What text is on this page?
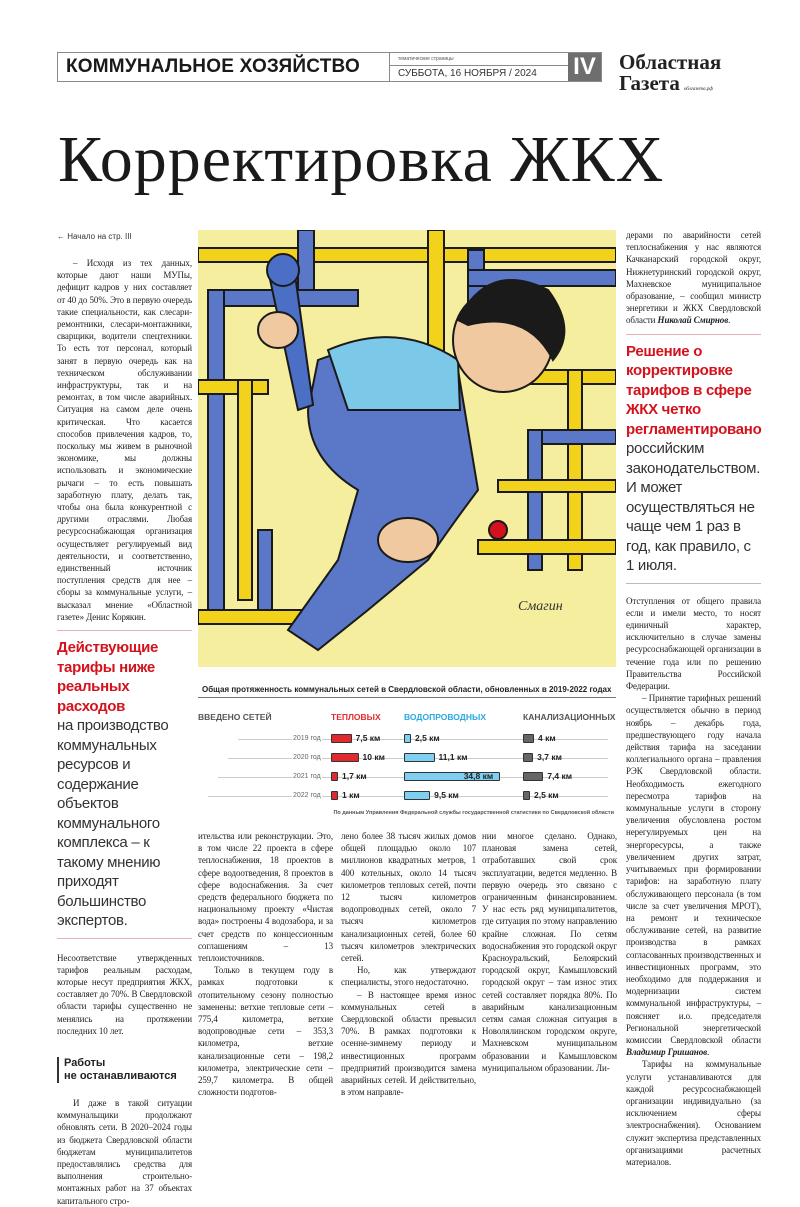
КОММУНАЛЬНОЕ ХОЗЯЙСТВО	тематические страницы
СУББОТА, 16 НОЯБРЯ / 2024	IV Областная
Газета облгазета.рф
Корректировка ЖКХ
← Начало на стр. III

– Исходя из тех данных, которые дают наши МУПы, дефицит кадров у них составляет от 40 до 50%. Это в первую очередь такие специальности, как слесари-ремонтники, слесари-монтажники, сварщики, водители спецтехники. То есть тот персонал, который занят в первую очередь как на техническом обслуживании инфраструктуры, так и на ремонтах, в том числе аварийных. Ситуация на самом деле очень критическая. Что касается способов привлечения кадров, то, поскольку мы живем в рыночной экономике, мы должны использовать и экономические рычаги – то есть повышать заработную плату, делать так, чтобы она была конкурентной с другими отраслями. Любая ресурсоснабжающая организация осуществляет регулируемый вид деятельности, и соответственно, единственный источник поступления средств для нее – сборы за коммунальные услуги, – высказал мнение «Областной газете» Денис Корякин.

Действующие тарифы ниже реальных расходов
на производство коммунальных ресурсов и содержание объектов коммунального комплекса – к такому мнению приходят большинство экспертов.

Несоответствие утвержденных тарифов реальным расходам, которые несут предприятия ЖКХ, составляет до 70%. В Свердловской области тарифы существенно не менялись на протяжении последних 10 лет.

Работы
не останавливаются

И даже в такой ситуации коммунальщики продолжают обновлять сети. В 2020–2024 годы из бюджета Свердловской области бюджетам муниципалитетов предоставлялись средства для выполнения строительно-монтажных работ на 37 объектах капитального стро-

Смагин
Общая протяженность коммунальных сетей в Свердловской области, обновленных в 2019-2022 годах
ВВЕДЕНО СЕТЕЙ
По данным Управления Федеральной службы государственной статистики по Свердловской области
2019 год
2020 год
2021 год
2022 год
ТЕПЛОВЫХ
7,5 км
10 км
1,7 км
1 км
ВОДОПРОВОДНЫХ
2,5 км
11,1 км
34,8 км
9,5 км
КАНАЛИЗАЦИОННЫХ
4 км
3,7 км
7,4 км
2,5 км

ительства или реконструкции. Это, в том числе 22 проекта в сфере теплоснабжения, 18 проектов в сфере водоотведения, 8 проектов в сфере водоснабжения. За счет средств федерального бюджета по национальному проекту «Чистая вода» построены 4 водозабора, и за счет средств по концессионным соглашениям – 13 теплоисточников.

Только в текущем году в рамках подготовки к отопительному сезону полностью заменены: ветхие тепловые сети – 775,4 километра, ветхие водопроводные сети – 353,3 километра, ветхие канализационные сети – 198,2 километра, электрические сети – 259,7 километра. В общей сложности подготов-

лено более 38 тысяч жилых домов общей площадью около 107 миллионов квадратных метров, 1 400 котельных, около 14 тысяч километров тепловых сетей, почти 12 тысяч километров водопроводных сетей, около 7 тысяч километров канализационных сетей, более 60 тысяч километров электрических сетей.

Но, как утверждают специалисты, этого недостаточно.

– В настоящее время износ коммунальных сетей в Свердловской области превысил 70%. В рамках подготовки к осенне-зимнему периоду и инвестиционных программ предприятий производится замена аварийных сетей. И действительно, в этом направле-

нии многое сделано. Однако, плановая замена сетей, отработавших свой срок эксплуатации, ведется медленно. В первую очередь это связано с ограниченным финансированием. У нас есть ряд муниципалитетов, где ситуация по этому направлению крайне сложная. По сетям водоснабжения это городской округ Красноуральский, Белоярский городской округ, Камышловский городской округ – там износ этих сетей составляет порядка 80%. По аварийным канализационным сетям самая сложная ситуация в Новолялинском городском округе, Махневском муниципальном образовании и Камышловском муниципальном образовании. Ли-

дерами по аварийности сетей теплоснабжения у нас являются Качканарский городской округ, Нижнетуринский городской округ, Махневское муниципальное образование, – сообщил министр энергетики и ЖКХ Свердловской области Николай Смирнов.

Решение о корректировке тарифов в сфере ЖКХ четко регламентировано
российским законодательством. И может осуществляться не чаще чем 1 раз в год, как правило, с 1 июля.

Отступления от общего правила если и имели место, то носят единичный характер, исключительно в случае замены ресурсоснабжающей организации в течение года или по решению Правительства Российской Федерации.

– Принятие тарифных решений осуществляется обычно в период ноябрь – декабрь года, предшествующего году начала действия тарифа на заседании коллегиального органа – правления РЭК Свердловской области. Необходимость ежегодного пересмотра тарифов на коммунальные услуги в сторону увеличения обусловлена ростом нерегулируемых цен на энергоресурсы, а также увеличением других затрат, учитываемых при формировании тарифов: на заработную плату обслуживающего персонала (в том числе за счет увеличения МРОТ), на ремонт и техническое обслуживание сетей, на развитие производства в рамках согласованных производственных и инвестиционных программ, это необходимо для поддержания и модернизации систем коммунальной инфраструктуры, – поясняет и.о. председателя Региональной энергетической комиссии Свердловской области Владимир Гришанов.

Тарифы на коммунальные услуги устанавливаются для каждой ресурсоснабжающей организации индивидуально (за исключением сферы электроснабжения). Основанием служит экспертиза представленных организациями расчетных материалов.
